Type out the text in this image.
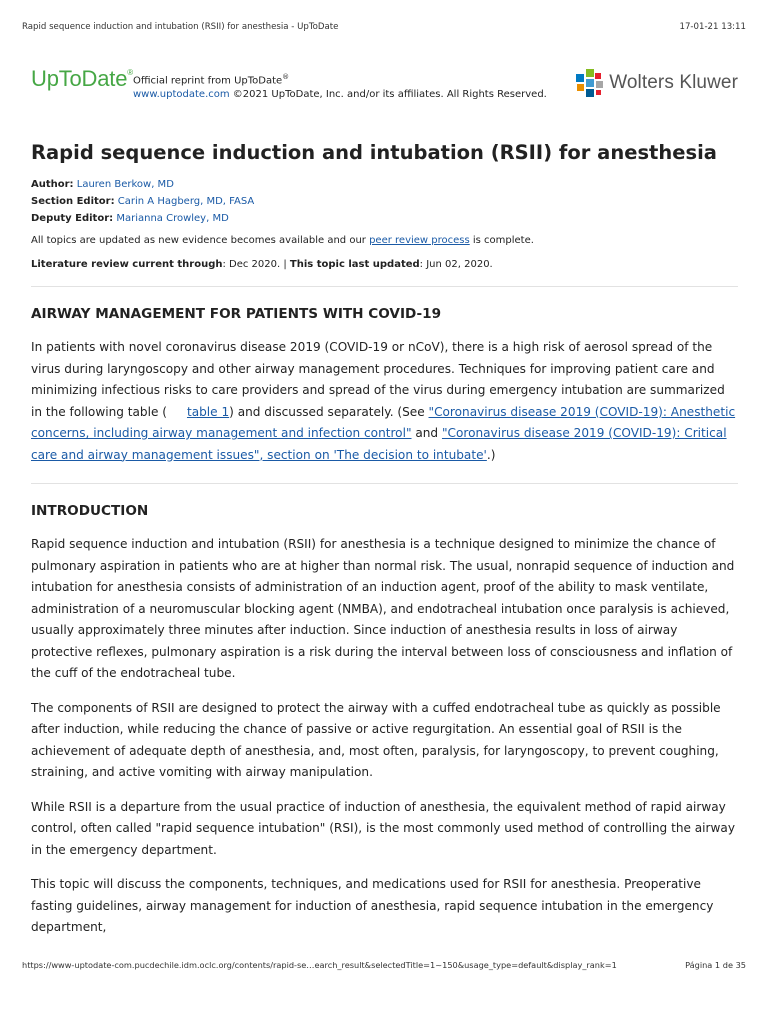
Rapid sequence induction and intubation (RSII) for anesthesia - UpToDate	17-01-21 13:11
UpToDate®
Official reprint from UpToDate®
www.uptodate.com ©2021 UpToDate, Inc. and/or its affiliates. All Rights Reserved.
Wolters Kluwer
Rapid sequence induction and intubation (RSII) for anesthesia
Author: Lauren Berkow, MD
Section Editor: Carin A Hagberg, MD, FASA
Deputy Editor: Marianna Crowley, MD
All topics are updated as new evidence becomes available and our peer review process is complete.
Literature review current through: Dec 2020. | This topic last updated: Jun 02, 2020.
AIRWAY MANAGEMENT FOR PATIENTS WITH COVID-19

In patients with novel coronavirus disease 2019 (COVID-19 or nCoV), there is a high risk of aerosol spread of the virus during laryngoscopy and other airway management procedures. Techniques for improving patient care and minimizing infectious risks to care providers and spread of the virus during emergency intubation are summarized in the following table ( table 1) and discussed separately. (See "Coronavirus disease 2019 (COVID-19): Anesthetic concerns, including airway management and infection control" and "Coronavirus disease 2019 (COVID-19): Critical care and airway management issues", section on 'The decision to intubate'.)

INTRODUCTION

Rapid sequence induction and intubation (RSII) for anesthesia is a technique designed to minimize the chance of pulmonary aspiration in patients who are at higher than normal risk. The usual, nonrapid sequence of induction and intubation for anesthesia consists of administration of an induction agent, proof of the ability to mask ventilate, administration of a neuromuscular blocking agent (NMBA), and endotracheal intubation once paralysis is achieved, usually approximately three minutes after induction. Since induction of anesthesia results in loss of airway protective reflexes, pulmonary aspiration is a risk during the interval between loss of consciousness and inflation of the cuff of the endotracheal tube.

The components of RSII are designed to protect the airway with a cuffed endotracheal tube as quickly as possible after induction, while reducing the chance of passive or active regurgitation. An essential goal of RSII is the achievement of adequate depth of anesthesia, and, most often, paralysis, for laryngoscopy, to prevent coughing, straining, and active vomiting with airway manipulation.

While RSII is a departure from the usual practice of induction of anesthesia, the equivalent method of rapid airway control, often called "rapid sequence intubation" (RSI), is the most commonly used method of controlling the airway in the emergency department.

This topic will discuss the components, techniques, and medications used for RSII for anesthesia. Preoperative fasting guidelines, airway management for induction of anesthesia, rapid sequence intubation in the emergency department,

https://www-uptodate-com.pucdechile.idm.oclc.org/contents/rapid-se…earch_result&selectedTitle=1~150&usage_type=default&display_rank=1	Página 1 de 35
